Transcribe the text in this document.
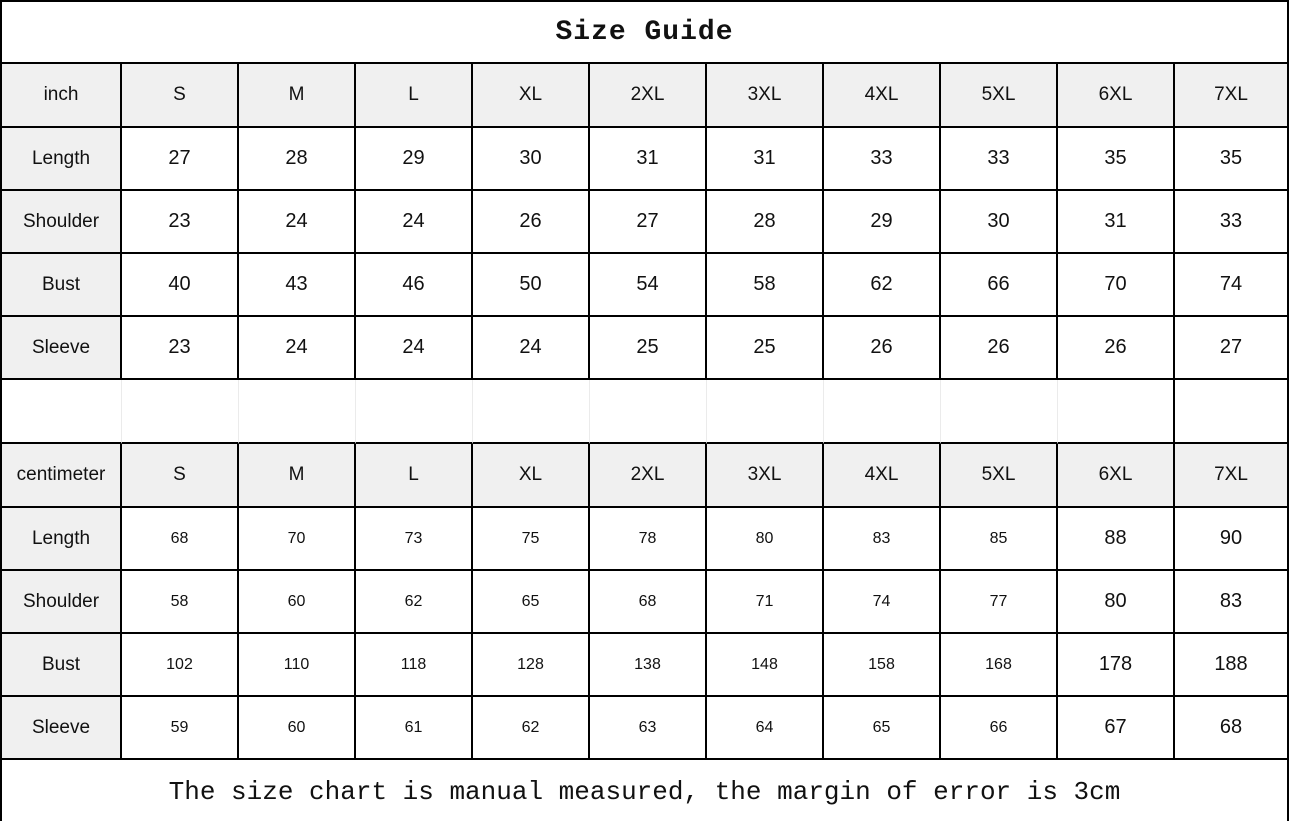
Size Guide										
inch	S	M	L	XL	2XL	3XL	4XL	5XL	6XL	7XL
Length	27	28	29	30	31	31	33	33	35	35
Shoulder	23	24	24	26	27	28	29	30	31	33
Bust	40	43	46	50	54	58	62	66	70	74
Sleeve	23	24	24	24	25	25	26	26	26	27

centimeter	S	M	L	XL	2XL	3XL	4XL	5XL	6XL	7XL
Length	68	70	73	75	78	80	83	85	88	90
Shoulder	58	60	62	65	68	71	74	77	80	83
Bust	102	110	118	128	138	148	158	168	178	188
Sleeve	59	60	61	62	63	64	65	66	67	68
The size chart is manual measured, the margin of error is 3cm										
